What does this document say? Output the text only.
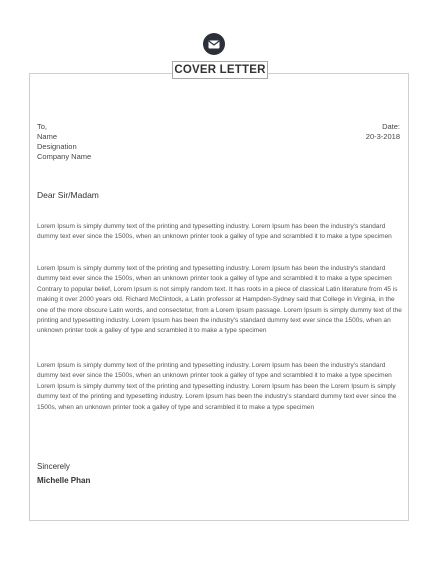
COVER LETTER
To,
Name
Designation
Company Name
Date:
20-3-2018
Dear Sir/Madam

Lorem Ipsum is simply dummy text of the printing and typesetting industry. Lorem Ipsum has been the industry's standard dummy text ever since the 1500s, when an unknown printer took a galley of type and scrambled it to make a type specimen

Lorem Ipsum is simply dummy text of the printing and typesetting industry. Lorem Ipsum has been the industry's standard dummy text ever since the 1500s, when an unknown printer took a galley of type and scrambled it to make a type specimen Contrary to popular belief, Lorem Ipsum is not simply random text. It has roots in a piece of classical Latin literature from 45 is making it over 2000 years old. Richard McClintock, a Latin professor at Hampden-Sydney said that College in Virginia, in the one of the more obscure Latin words, and consectetur, from a Lorem Ipsum passage. Lorem Ipsum is simply dummy text of the printing and typesetting industry. Lorem Ipsum has been the industry's standard dummy text ever since the 1500s, when an unknown printer took a galley of type and scrambled it to make a type specimen

Lorem Ipsum is simply dummy text of the printing and typesetting industry. Lorem Ipsum has been the industry's standard dummy text ever since the 1500s, when an unknown printer took a galley of type and scrambled it to make a type specimen Lorem Ipsum is simply dummy text of the printing and typesetting industry. Lorem Ipsum has been the Lorem Ipsum is simply dummy text of the printing and typesetting industry. Lorem Ipsum has been the industry's standard dummy text ever since the 1500s, when an unknown printer took a galley of type and scrambled it to make a type specimen

Sincerely
Michelle Phan
